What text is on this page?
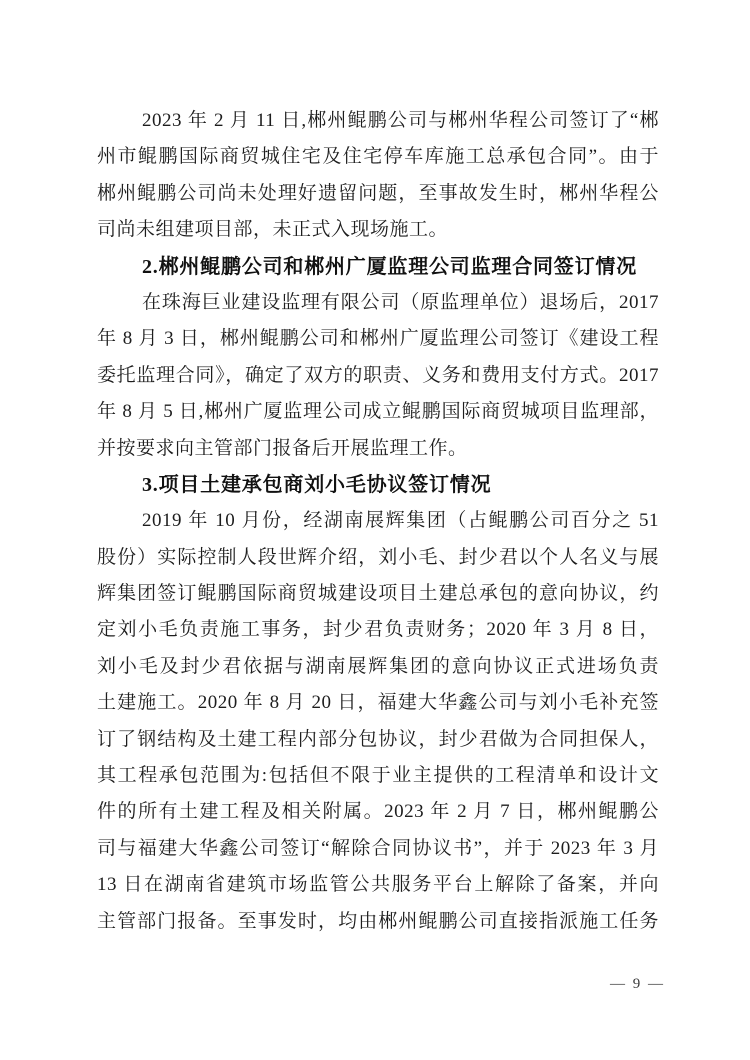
2023 年 2 月 11 日,郴州鲲鹏公司与郴州华程公司签订了“郴
州市鲲鹏国际商贸城住宅及住宅停车库施工总承包合同”。由于
郴州鲲鹏公司尚未处理好遗留问题，至事故发生时，郴州华程公
司尚未组建项目部，未正式入现场施工。
2.郴州鲲鹏公司和郴州广厦监理公司监理合同签订情况
在珠海巨业建设监理有限公司（原监理单位）退场后，2017
年 8 月 3 日，郴州鲲鹏公司和郴州广厦监理公司签订《建设工程
委托监理合同》，确定了双方的职责、义务和费用支付方式。2017
年 8 月 5 日,郴州广厦监理公司成立鲲鹏国际商贸城项目监理部，
并按要求向主管部门报备后开展监理工作。
3.项目土建承包商刘小毛协议签订情况
2019 年 10 月份，经湖南展辉集团（占鲲鹏公司百分之 51
股份）实际控制人段世辉介绍，刘小毛、封少君以个人名义与展
辉集团签订鲲鹏国际商贸城建设项目土建总承包的意向协议，约
定刘小毛负责施工事务，封少君负责财务；2020 年 3 月 8 日，
刘小毛及封少君依据与湖南展辉集团的意向协议正式进场负责
土建施工。2020 年 8 月 20 日，福建大华鑫公司与刘小毛补充签
订了钢结构及土建工程内部分包协议，封少君做为合同担保人，
其工程承包范围为:包括但不限于业主提供的工程清单和设计文
件的所有土建工程及相关附属。2023 年 2 月 7 日，郴州鲲鹏公
司与福建大华鑫公司签订“解除合同协议书”，并于 2023 年 3 月
13 日在湖南省建筑市场监管公共服务平台上解除了备案，并向
主管部门报备。至事发时，均由郴州鲲鹏公司直接指派施工任务
— 9 —
